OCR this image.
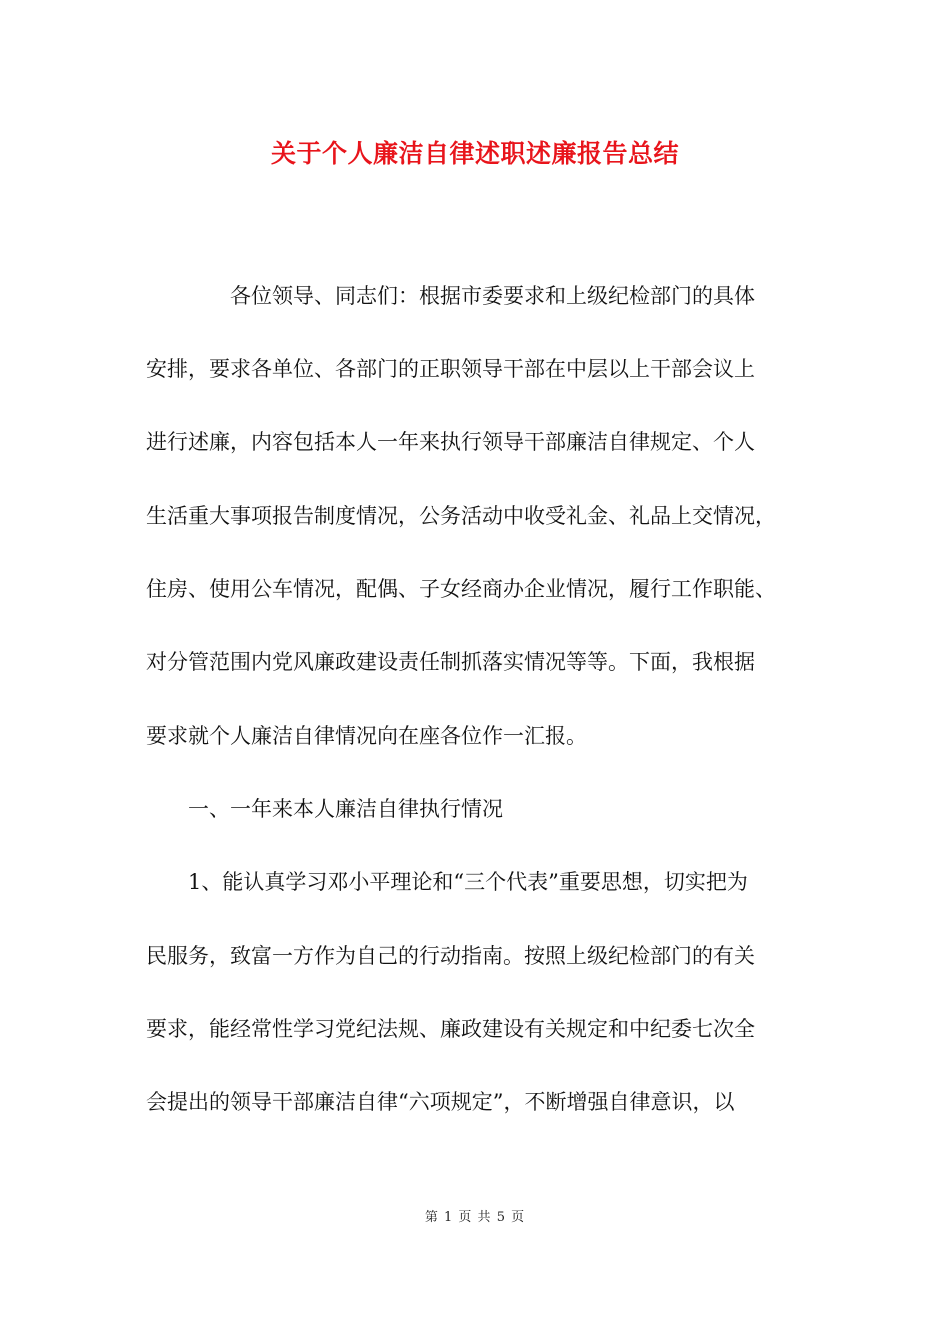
关于个人廉洁自律述职述廉报告总结
　　　　各位领导、同志们：根据市委要求和上级纪检部门的具体
安排，要求各单位、各部门的正职领导干部在中层以上干部会议上
进行述廉，内容包括本人一年来执行领导干部廉洁自律规定、个人
生活重大事项报告制度情况，公务活动中收受礼金、礼品上交情况，
住房、使用公车情况，配偶、子女经商办企业情况，履行工作职能、
对分管范围内党风廉政建设责任制抓落实情况等等。下面，我根据
要求就个人廉洁自律情况向在座各位作一汇报。
　　一、一年来本人廉洁自律执行情况
　　1、能认真学习邓小平理论和“三个代表”重要思想，切实把为
民服务，致富一方作为自己的行动指南。按照上级纪检部门的有关
要求，能经常性学习党纪法规、廉政建设有关规定和中纪委七次全
会提出的领导干部廉洁自律“六项规定”，不断增强自律意识，以
第 1 页 共 5 页
